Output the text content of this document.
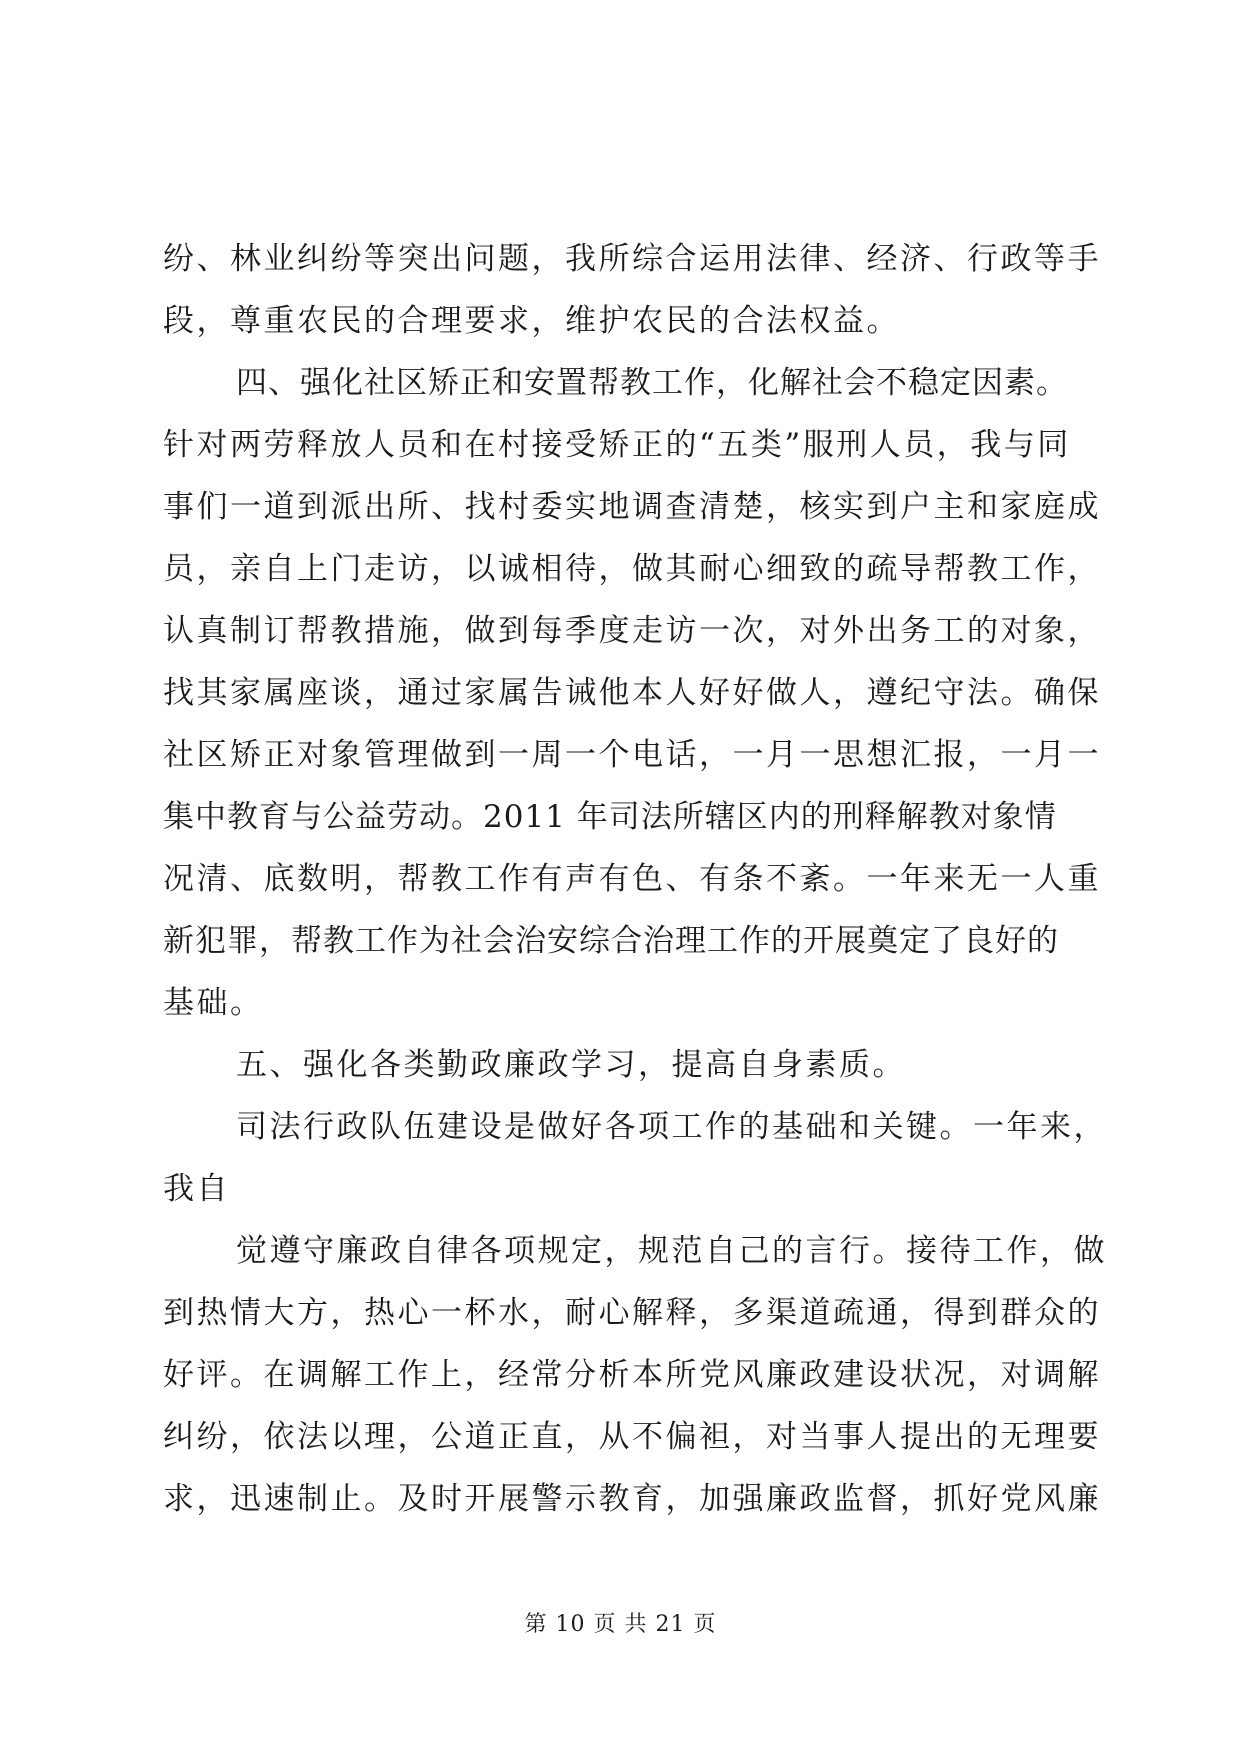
纷、林业纠纷等突出问题，我所综合运用法律、经济、行政等手
段，尊重农民的合理要求，维护农民的合法权益。
四、强化社区矫正和安置帮教工作，化解社会不稳定因素。
针对两劳释放人员和在村接受矫正的“五类”服刑人员，我与同
事们一道到派出所、找村委实地调查清楚，核实到户主和家庭成
员，亲自上门走访，以诚相待，做其耐心细致的疏导帮教工作，
认真制订帮教措施，做到每季度走访一次，对外出务工的对象，
找其家属座谈，通过家属告诫他本人好好做人，遵纪守法。确保
社区矫正对象管理做到一周一个电话，一月一思想汇报，一月一
集中教育与公益劳动。2011 年司法所辖区内的刑释解教对象情
况清、底数明，帮教工作有声有色、有条不紊。一年来无一人重
新犯罪，帮教工作为社会治安综合治理工作的开展奠定了良好的
基础。
五、强化各类勤政廉政学习，提高自身素质。
司法行政队伍建设是做好各项工作的基础和关键。一年来，
我自
觉遵守廉政自律各项规定，规范自己的言行。接待工作，做
到热情大方，热心一杯水，耐心解释，多渠道疏通，得到群众的
好评。在调解工作上，经常分析本所党风廉政建设状况，对调解
纠纷，依法以理，公道正直，从不偏袒，对当事人提出的无理要
求，迅速制止。及时开展警示教育，加强廉政监督，抓好党风廉
第 10 页 共 21 页
